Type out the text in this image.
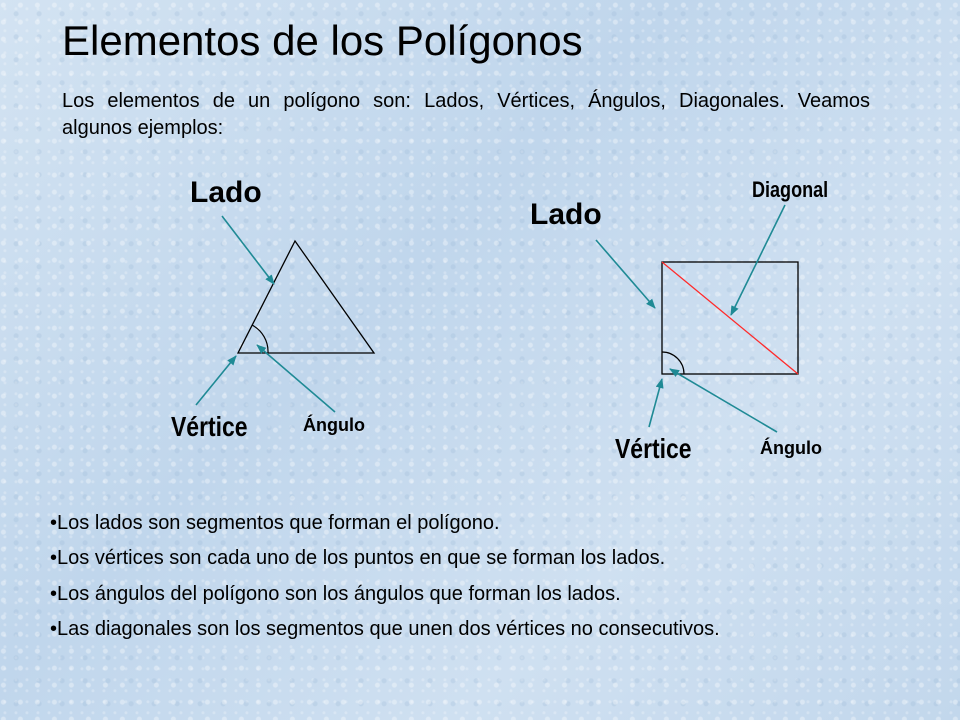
Elementos de los Polígonos

Los elementos de un polígono son: Lados, Vértices, Ángulos, Diagonales. Veamos algunos ejemplos:

Lado
Vértice	Ángulo
Lado
Diagonal
Vértice	Ángulo
• Los lados son segmentos que forman el polígono.
• Los vértices son cada uno de los puntos en que se forman los lados.
• Los ángulos del polígono son los ángulos que forman los lados.
• Las diagonales son los segmentos que unen dos vértices no consecutivos.
